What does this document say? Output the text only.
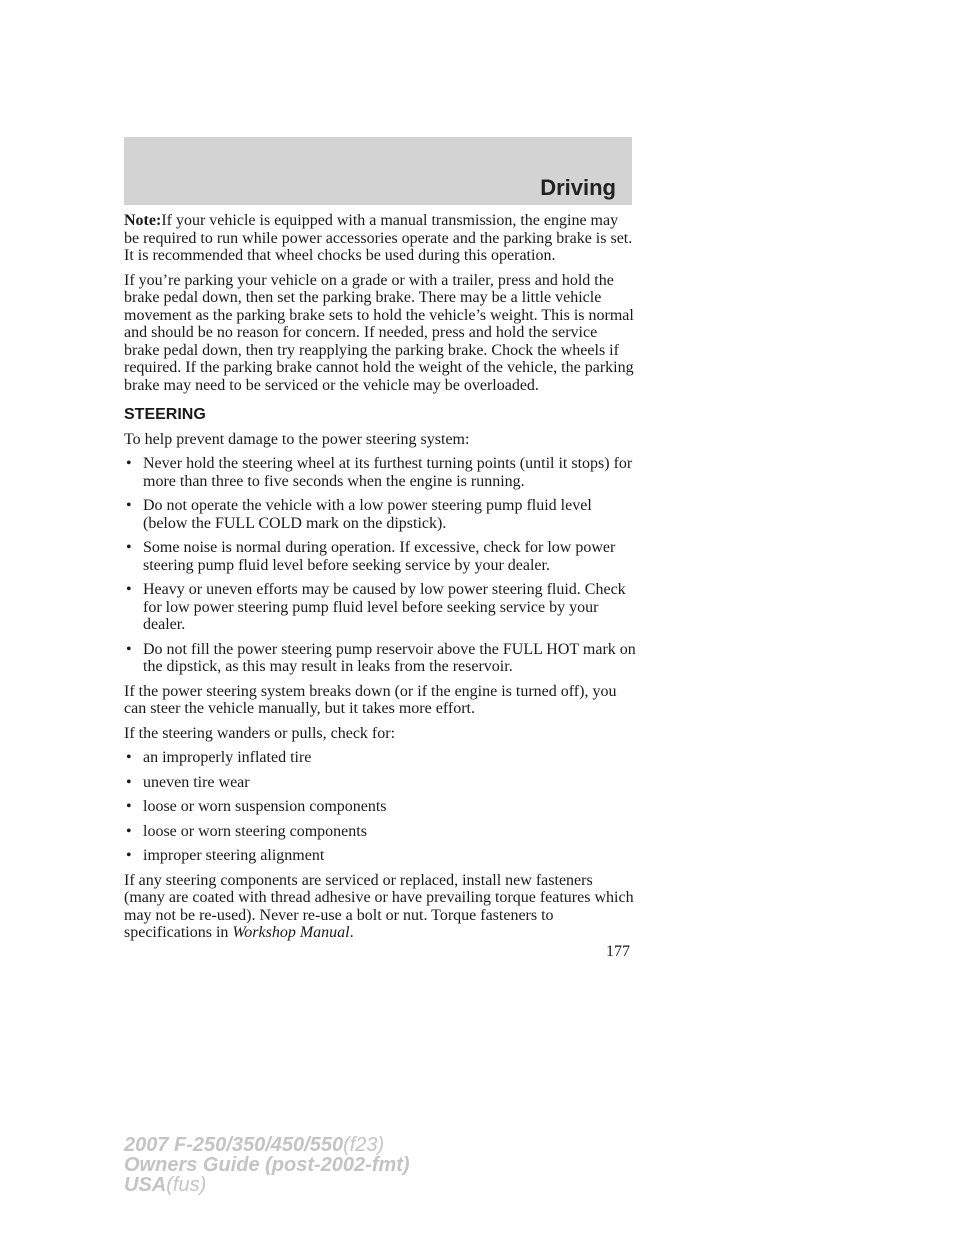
Driving

Note:If your vehicle is equipped with a manual transmission, the engine may be required to run while power accessories operate and the parking brake is set. It is recommended that wheel chocks be used during this operation.

If you’re parking your vehicle on a grade or with a trailer, press and hold the brake pedal down, then set the parking brake. There may be a little vehicle movement as the parking brake sets to hold the vehicle’s weight. This is normal and should be no reason for concern. If needed, press and hold the service brake pedal down, then try reapplying the parking brake. Chock the wheels if required. If the parking brake cannot hold the weight of the vehicle, the parking brake may need to be serviced or the vehicle may be overloaded.

STEERING

To help prevent damage to the power steering system:

• Never hold the steering wheel at its furthest turning points (until it stops) for more than three to five seconds when the engine is running.
• Do not operate the vehicle with a low power steering pump fluid level (below the FULL COLD mark on the dipstick).
• Some noise is normal during operation. If excessive, check for low power steering pump fluid level before seeking service by your dealer.
• Heavy or uneven efforts may be caused by low power steering fluid. Check for low power steering pump fluid level before seeking service by your dealer.
• Do not fill the power steering pump reservoir above the FULL HOT mark on the dipstick, as this may result in leaks from the reservoir.

If the power steering system breaks down (or if the engine is turned off), you can steer the vehicle manually, but it takes more effort.

If the steering wanders or pulls, check for:

• an improperly inflated tire
• uneven tire wear
• loose or worn suspension components
• loose or worn steering components
• improper steering alignment

If any steering components are serviced or replaced, install new fasteners (many are coated with thread adhesive or have prevailing torque features which may not be re-used). Never re-use a bolt or nut. Torque fasteners to specifications in Workshop Manual.

177
2007 F-250/350/450/550(f23)
Owners Guide (post-2002-fmt)
USA(fus)
